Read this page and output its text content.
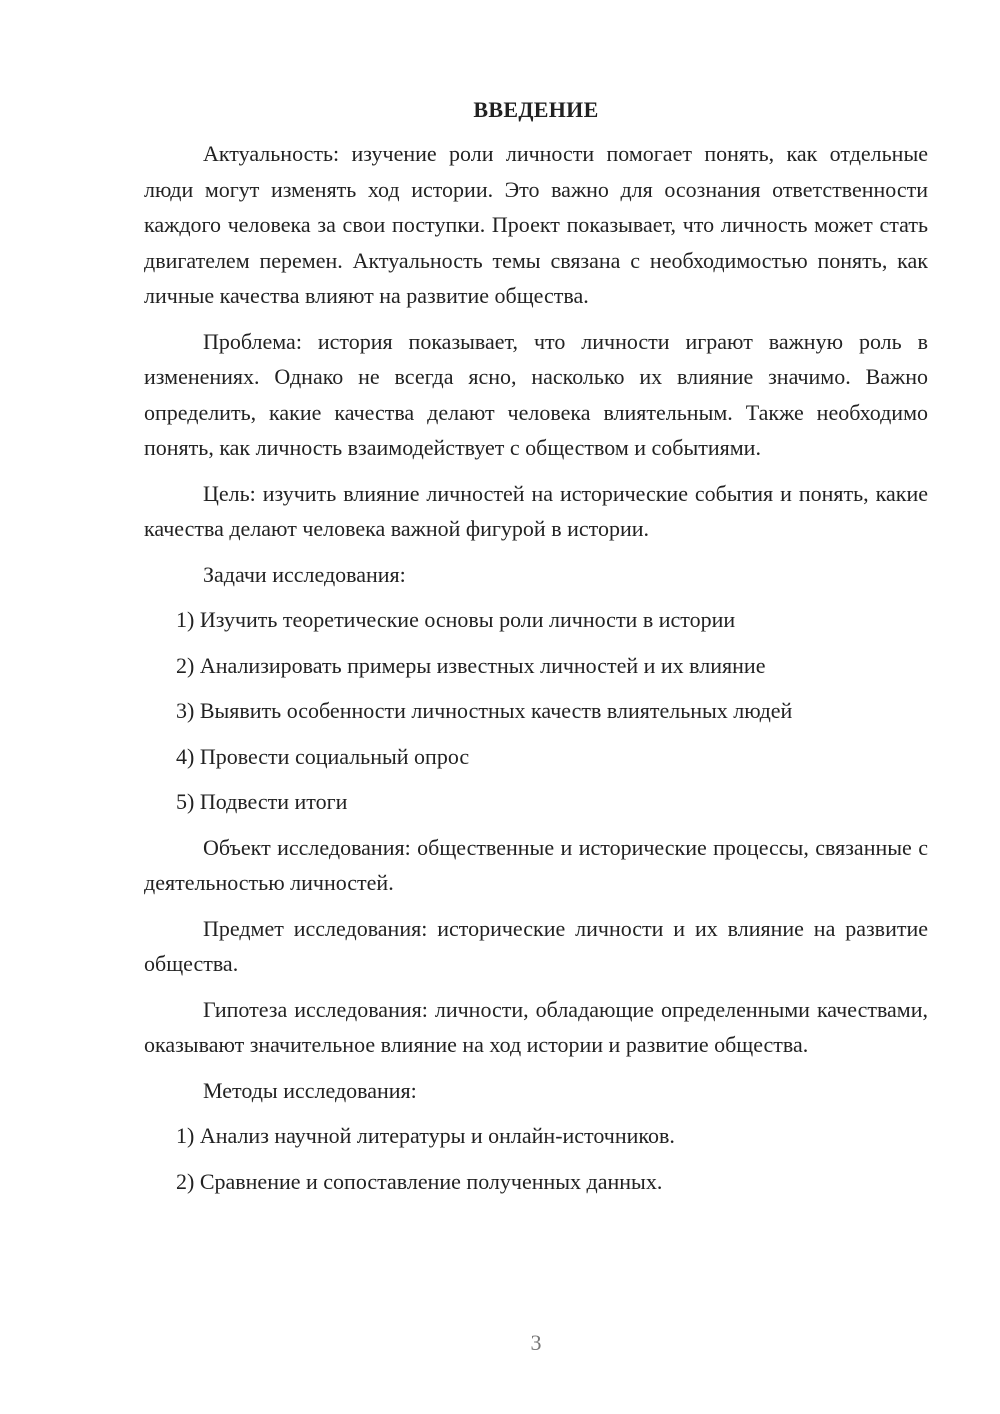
ВВЕДЕНИЕ

Актуальность: изучение роли личности помогает понять, как отдельные люди могут изменять ход истории. Это важно для осознания ответственности каждого человека за свои поступки. Проект показывает, что личность может стать двигателем перемен. Актуальность темы связана с необходимостью понять, как личные качества влияют на развитие общества.

Проблема: история показывает, что личности играют важную роль в изменениях. Однако не всегда ясно, насколько их влияние значимо. Важно определить, какие качества делают человека влиятельным. Также необходимо понять, как личность взаимодействует с обществом и событиями.

Цель: изучить влияние личностей на исторические события и понять, какие качества делают человека важной фигурой в истории.

Задачи исследования:

1) Изучить теоретические основы роли личности в истории

2) Анализировать примеры известных личностей и их влияние

3) Выявить особенности личностных качеств влиятельных людей

4) Провести социальный опрос

5) Подвести итоги

Объект исследования: общественные и исторические процессы, связанные с деятельностью личностей.

Предмет исследования: исторические личности и их влияние на развитие общества.

Гипотеза исследования: личности, обладающие определенными качествами, оказывают значительное влияние на ход истории и развитие общества.

Методы исследования:

1) Анализ научной литературы и онлайн-источников.

2) Сравнение и сопоставление полученных данных.

3
